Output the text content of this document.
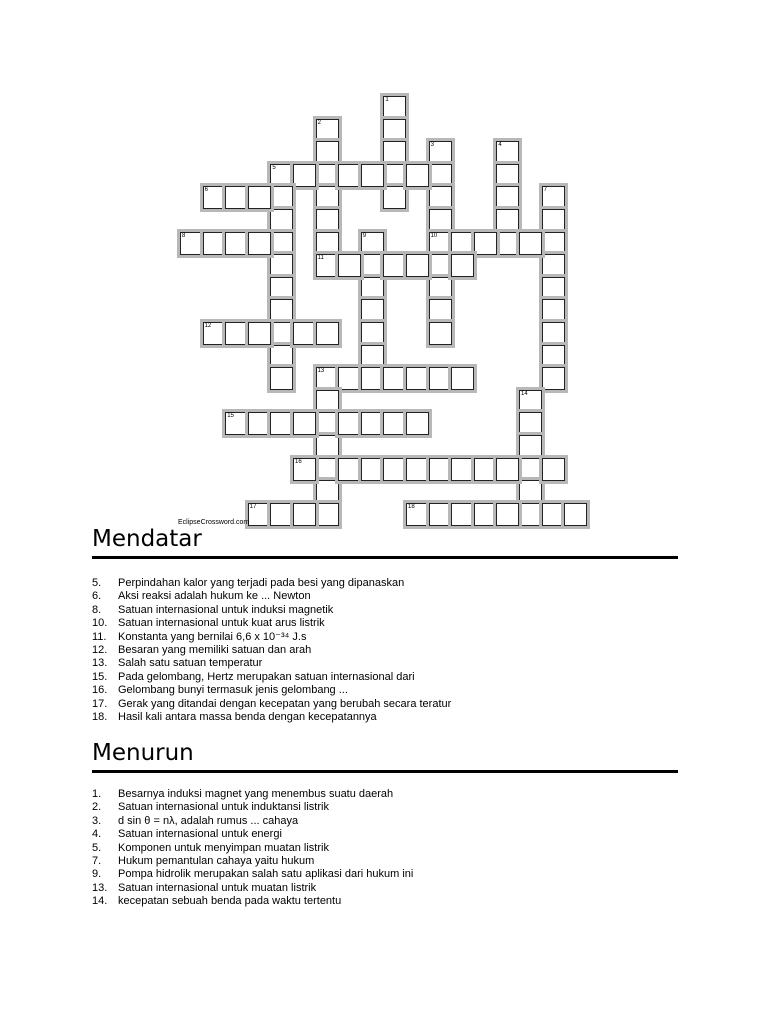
1
2
3
10
4
5
6	7
8	9
11
12
13
14
15
16
17	18
EclipseCrossword.com
Mendatar
5.	Perpindahan kalor yang terjadi pada besi yang dipanaskan
6.	Aksi reaksi adalah hukum ke ... Newton
8.	Satuan internasional untuk induksi magnetik
10. Satuan internasional untuk kuat arus listrik
11.	Konstanta yang bernilai 6,6 x 10⁻³⁴ J.s
12. Besaran yang memiliki satuan dan arah
13. Salah satu satuan temperatur
15. Pada gelombang, Hertz merupakan satuan internasional dari
16. Gelombang bunyi termasuk jenis gelombang ...
17. Gerak yang ditandai dengan kecepatan yang berubah secara teratur
18. Hasil kali antara massa benda dengan kecepatannya
Menurun
1.	Besarnya induksi magnet yang menembus suatu daerah
2.	Satuan internasional untuk induktansi listrik
3.	d sin θ = nλ, adalah rumus ... cahaya
4.	Satuan internasional untuk energi
5.	Komponen untuk menyimpan muatan listrik
7.	Hukum pemantulan cahaya yaitu hukum
9.	Pompa hidrolik merupakan salah satu aplikasi dari hukum ini
13. Satuan internasional untuk muatan listrik
14. kecepatan sebuah benda pada waktu tertentu
